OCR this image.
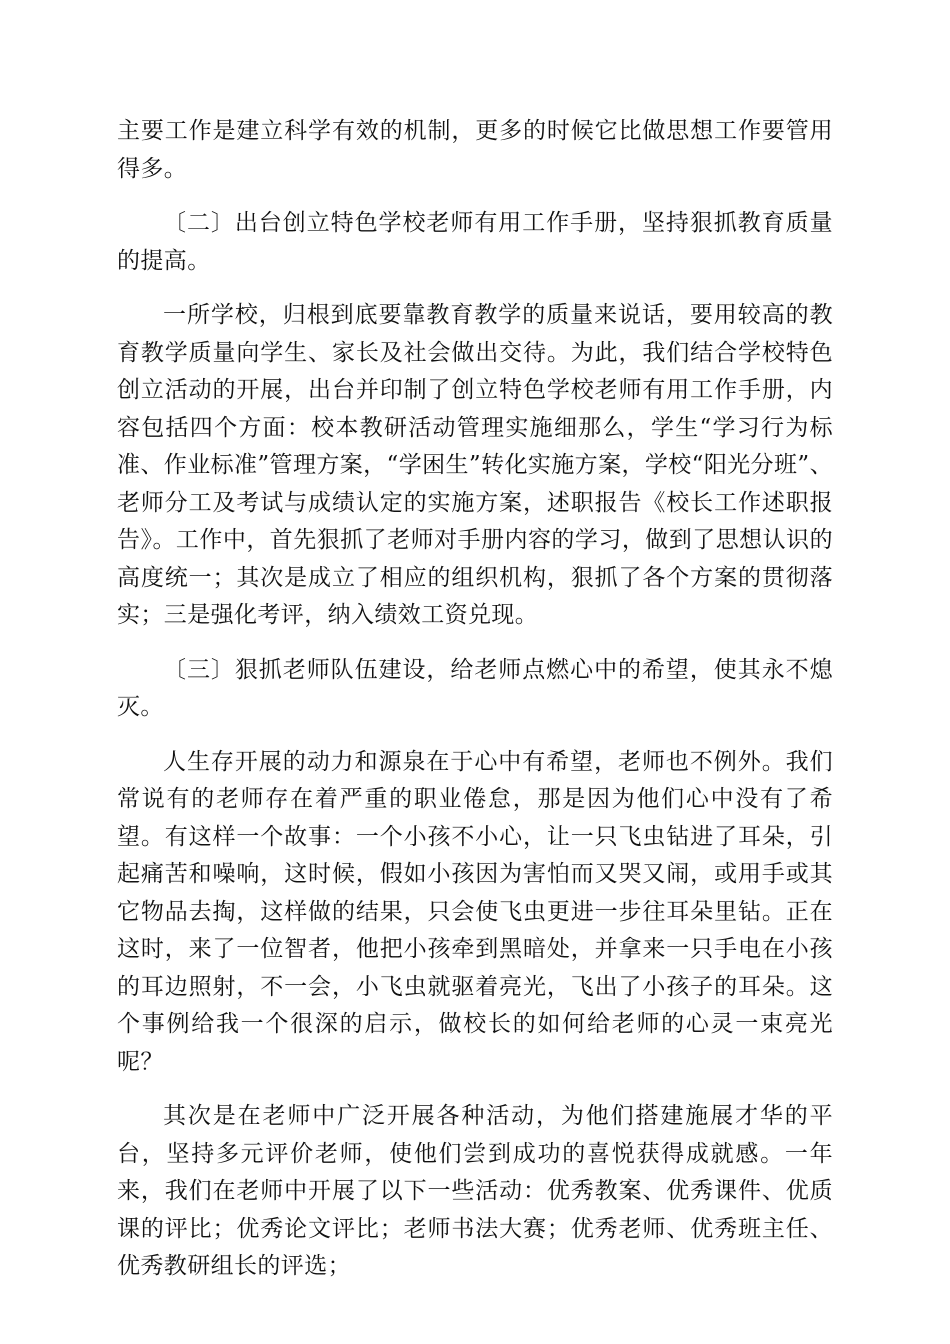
主要工作是建立科学有效的机制，更多的时候它比做思想工作要管用得多。

〔二〕出台创立特色学校老师有用工作手册，坚持狠抓教育质量的提高。

一所学校，归根到底要靠教育教学的质量来说话，要用较高的教育教学质量向学生、家长及社会做出交待。为此，我们结合学校特色创立活动的开展，出台并印制了创立特色学校老师有用工作手册，内容包括四个方面：校本教研活动管理实施细那么，学生“学习行为标准、作业标准”管理方案，“学困生”转化实施方案，学校“阳光分班”、老师分工及考试与成绩认定的实施方案，述职报告《校长工作述职报告》。工作中，首先狠抓了老师对手册内容的学习，做到了思想认识的高度统一；其次是成立了相应的组织机构，狠抓了各个方案的贯彻落实；三是强化考评，纳入绩效工资兑现。

〔三〕狠抓老师队伍建设，给老师点燃心中的希望，使其永不熄灭。

人生存开展的动力和源泉在于心中有希望，老师也不例外。我们常说有的老师存在着严重的职业倦怠，那是因为他们心中没有了希望。有这样一个故事：一个小孩不小心，让一只飞虫钻进了耳朵，引起痛苦和噪响，这时候，假如小孩因为害怕而又哭又闹，或用手或其它物品去掏，这样做的结果，只会使飞虫更进一步往耳朵里钻。正在这时，来了一位智者，他把小孩牵到黑暗处，并拿来一只手电在小孩的耳边照射，不一会，小飞虫就驱着亮光，飞出了小孩子的耳朵。这个事例给我一个很深的启示，做校长的如何给老师的心灵一束亮光呢？

其次是在老师中广泛开展各种活动，为他们搭建施展才华的平台，坚持多元评价老师，使他们尝到成功的喜悦获得成就感。一年来，我们在老师中开展了以下一些活动：优秀教案、优秀课件、优质课的评比；优秀论文评比；老师书法大赛；优秀老师、优秀班主任、优秀教研组长的评选；
